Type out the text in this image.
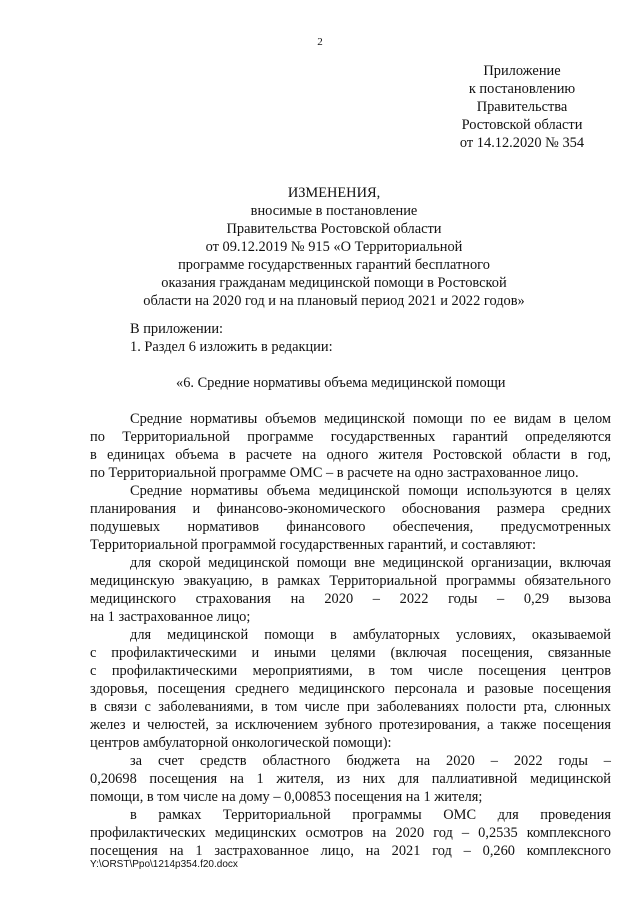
2
Приложение
к постановлению
Правительства
Ростовской области
от 14.12.2020 № 354
ИЗМЕНЕНИЯ,
вносимые в постановление
Правительства Ростовской области
от 09.12.2019 № 915 «О Территориальной
программе государственных гарантий бесплатного
оказания гражданам медицинской помощи в Ростовской
области на 2020 год и на плановый период 2021 и 2022 годов»
В приложении:
1. Раздел 6 изложить в редакции:
«6. Средние нормативы объема медицинской помощи
Средние нормативы объемов медицинской помощи по ее видам в целом
по Территориальной программе государственных гарантий определяются
в единицах объема в расчете на одного жителя Ростовской области в год,
по Территориальной программе ОМС – в расчете на одно застрахованное лицо.
Средние нормативы объема медицинской помощи используются в целях
планирования и финансово-экономического обоснования размера средних
подушевых нормативов финансового обеспечения, предусмотренных
Территориальной программой государственных гарантий, и составляют:
для скорой медицинской помощи вне медицинской организации, включая
медицинскую эвакуацию, в рамках Территориальной программы обязательного
медицинского страхования на 2020 – 2022 годы – 0,29 вызова
на 1 застрахованное лицо;
для медицинской помощи в амбулаторных условиях, оказываемой
с профилактическими и иными целями (включая посещения, связанные
с профилактическими мероприятиями, в том числе посещения центров
здоровья, посещения среднего медицинского персонала и разовые посещения
в связи с заболеваниями, в том числе при заболеваниях полости рта, слюнных
желез и челюстей, за исключением зубного протезирования, а также посещения
центров амбулаторной онкологической помощи):
за счет средств областного бюджета на 2020 – 2022 годы –
0,20698 посещения на 1 жителя, из них для паллиативной медицинской
помощи, в том числе на дому – 0,00853 посещения на 1 жителя;
в рамках Территориальной программы ОМС для проведения
профилактических медицинских осмотров на 2020 год – 0,2535 комплексного
посещения на 1 застрахованное лицо, на 2021 год – 0,260 комплексного
Y:\ORST\Ppo\1214p354.f20.docx
